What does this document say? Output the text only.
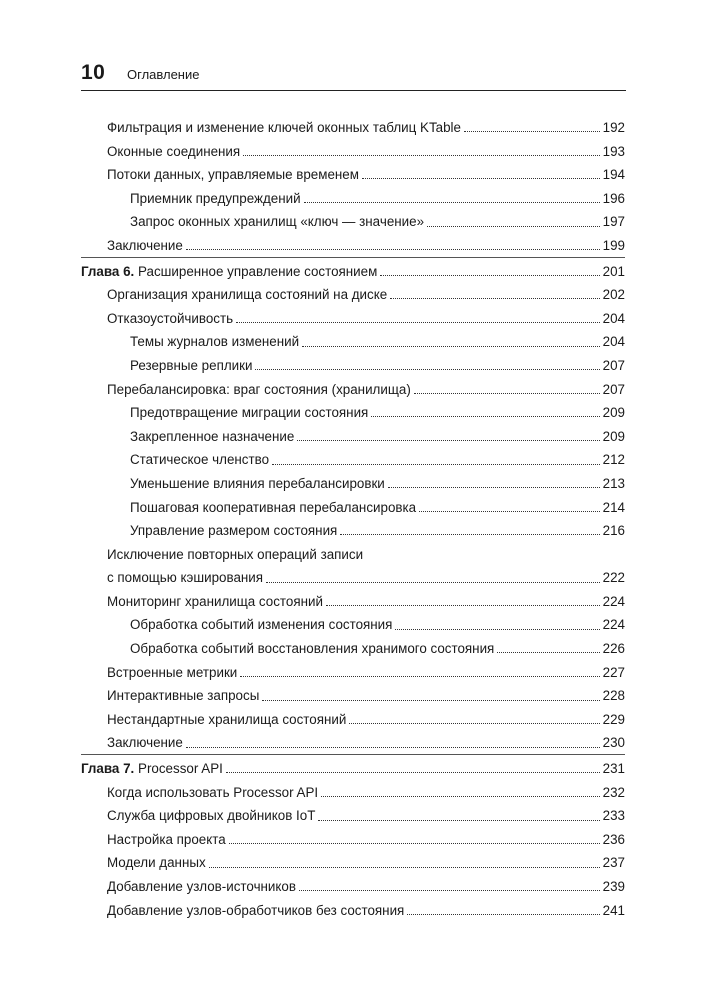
10 Оглавление
Фильтрация и изменение ключей оконных таблиц KTable	192
Оконные соединения	193
Потоки данных, управляемые временем	194
Приемник предупреждений	196
Запрос оконных хранилищ «ключ — значение»	197
Заключение	199
Глава 6. Расширенное управление состоянием	201
Организация хранилища состояний на диске	202
Отказоустойчивость	204
Темы журналов изменений	204
Резервные реплики	207
Перебалансировка: враг состояния (хранилища)	207
Предотвращение миграции состояния	209
Закрепленное назначение	209
Статическое членство	212
Уменьшение влияния перебалансировки	213
Пошаговая кооперативная перебалансировка	214
Управление размером состояния	216
Исключение повторных операций записи
с помощью кэширования	222
Мониторинг хранилища состояний	224
Обработка событий изменения состояния	224
Обработка событий восстановления хранимого состояния	226
Встроенные метрики	227
Интерактивные запросы	228
Нестандартные хранилища состояний	229
Заключение	230
Глава 7. Processor API	231
Когда использовать Processor API	232
Служба цифровых двойников IoT	233
Настройка проекта	236
Модели данных	237
Добавление узлов-источников	239
Добавление узлов-обработчиков без состояния	241
